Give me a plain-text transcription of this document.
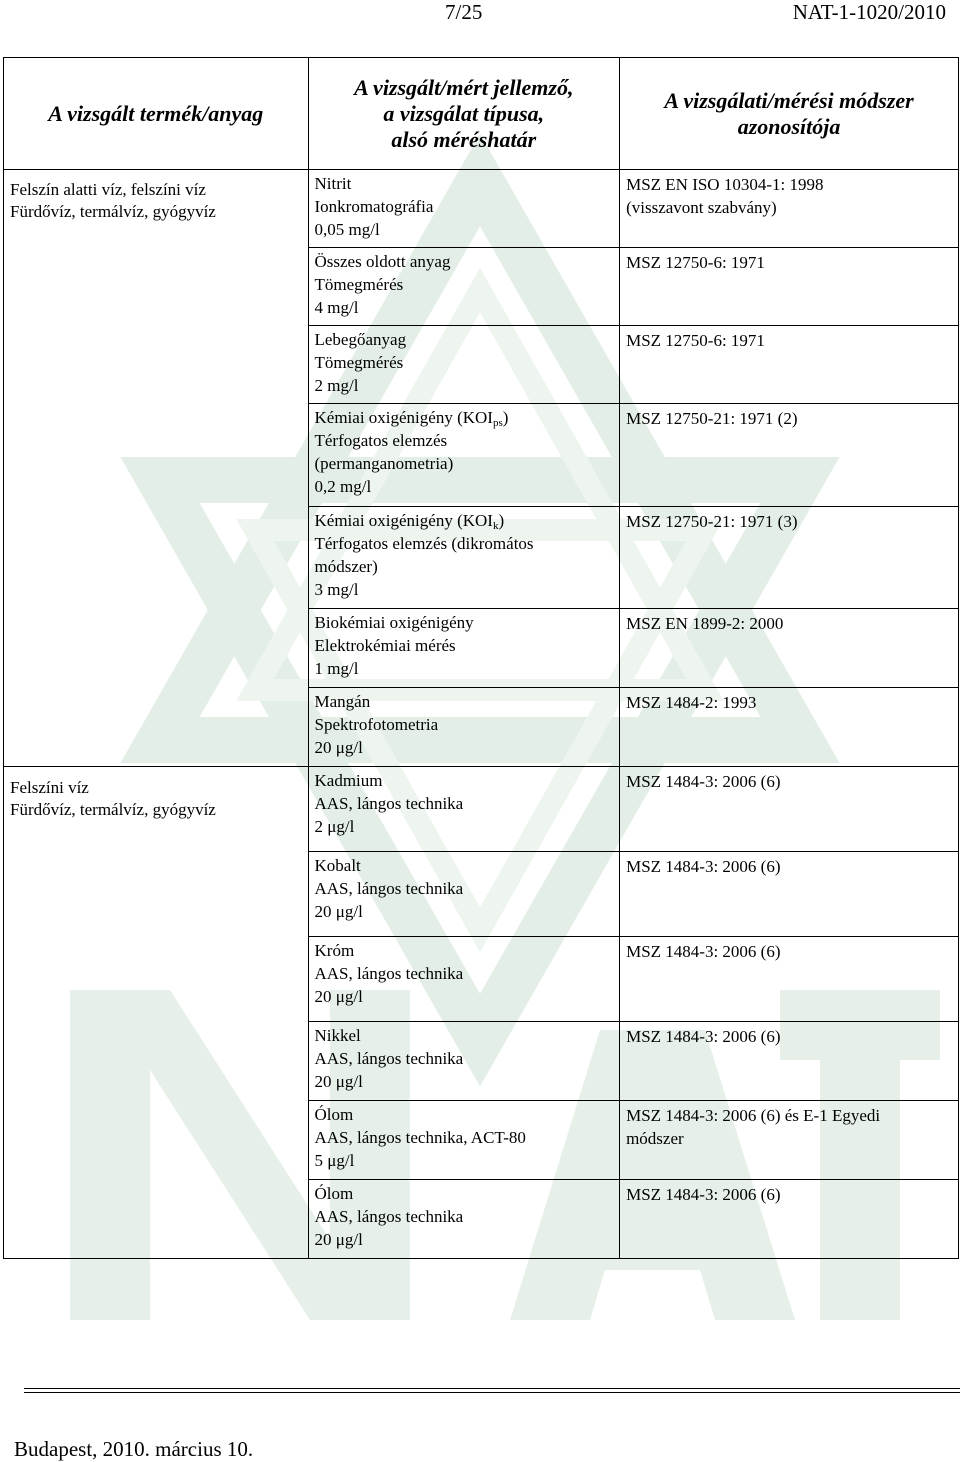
7/25	NAT-1-1020/2010
A vizsgált termék/anyag	A vizsgált/mért jellemző,
a vizsgálat típusa,
alsó méréshatár	A vizsgálati/mérési módszer
azonosítója

Felszín alatti víz, felszíni víz
Fürdővíz, termálvíz, gyógyvíz	Nitrit
Ionkromatográfia
0,05 mg/l	MSZ EN ISO 10304-1: 1998
(visszavont szabvány)

	Összes oldott anyag
Tömegmérés
4 mg/l	MSZ 12750-6: 1971

	Lebegőanyag
Tömegmérés
2 mg/l	MSZ 12750-6: 1971

	Kémiai oxigénigény $(KOI_{ps})$
Térfogatos elemzés
(permanganometria)
0,2 mg/l	MSZ 12750-21: 1971 (2)

	Kémiai oxigénigény $(KOI_k)$
Térfogatos elemzés (dikromátos
módszer)
3 mg/l	MSZ 12750-21: 1971 (3)

	Biokémiai oxigénigény
Elektrokémiai mérés
1 mg/l	MSZ EN 1899-2: 2000

	Mangán
Spektrofotometria
20 μg/l	MSZ 1484-2: 1993

Felszíni víz
Fürdővíz, termálvíz, gyógyvíz	Kadmium
AAS, lángos technika
2 μg/l	MSZ 1484-3: 2006 (6)

	Kobalt
AAS, lángos technika
20 μg/l	MSZ 1484-3: 2006 (6)

	Króm
AAS, lángos technika
20 μg/l	MSZ 1484-3: 2006 (6)

	Nikkel
AAS, lángos technika
20 μg/l	MSZ 1484-3: 2006 (6)

	Ólom
AAS, lángos technika, ACT-80
5 μg/l	MSZ 1484-3: 2006 (6) és E-1 Egyedi
módszer

	Ólom
AAS, lángos technika
20 μg/l	MSZ 1484-3: 2006 (6)
Budapest, 2010. március 10.
